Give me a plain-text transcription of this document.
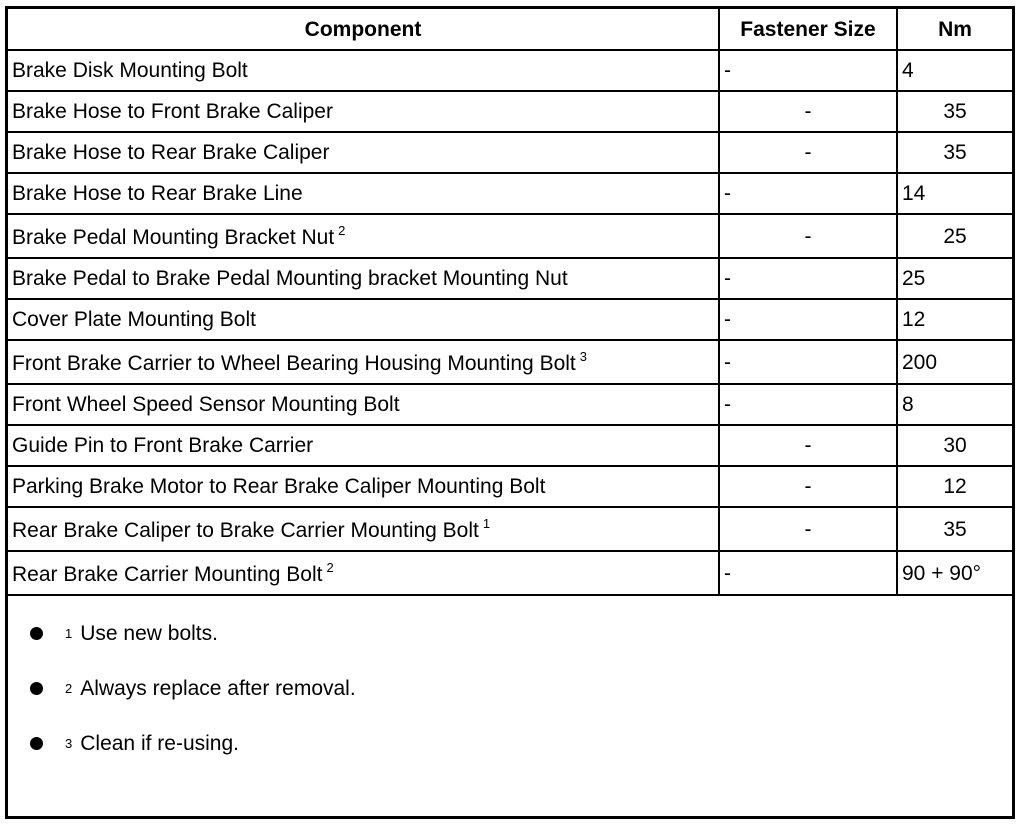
Component	Fastener Size	Nm
Brake Disk Mounting Bolt	-	4
Brake Hose to Front Brake Caliper	-	35
Brake Hose to Rear Brake Caliper	-	35
Brake Hose to Rear Brake Line	-	14
Brake Pedal Mounting Bracket Nut $^2$	-	25
Brake Pedal to Brake Pedal Mounting bracket Mounting Nut	-	25
Cover Plate Mounting Bolt	-	12
Front Brake Carrier to Wheel Bearing Housing Mounting Bolt $^3$	-	200
Front Wheel Speed Sensor Mounting Bolt	-	8
Guide Pin to Front Brake Carrier	-	30
Parking Brake Motor to Rear Brake Caliper Mounting Bolt	-	12
Rear Brake Caliper to Brake Carrier Mounting Bolt $^1$	-	35
Rear Brake Carrier Mounting Bolt $^2$	-	90 + 90°
1 Use new bolts.
2 Always replace after removal.
3 Clean if re-using.
